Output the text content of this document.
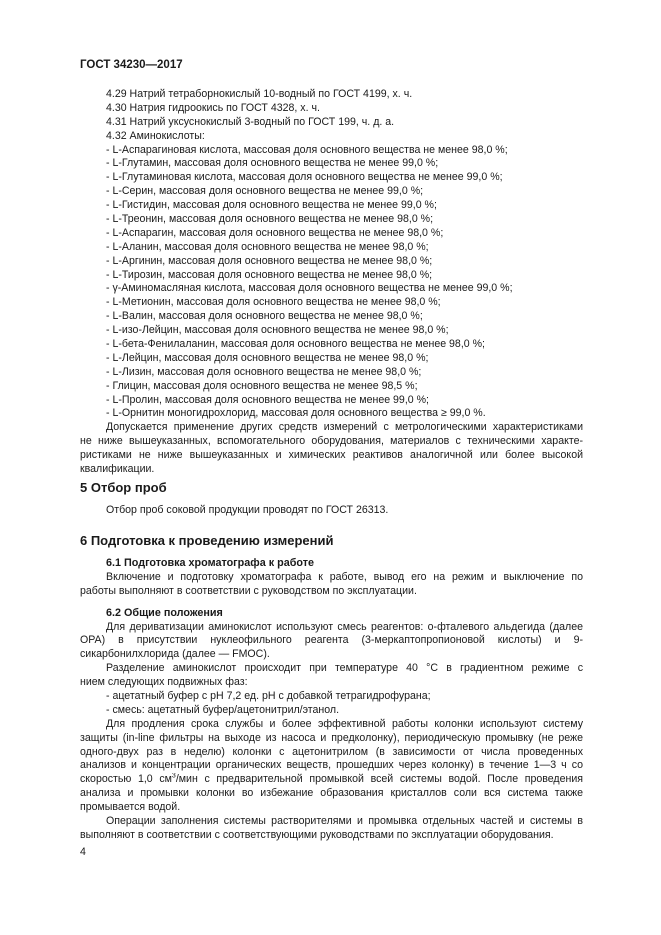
ГОСТ 34230—2017
4.29 Натрий тетраборнокислый 10-водный по ГОСТ 4199, х. ч.
4.30 Натрия гидроокись по ГОСТ 4328, х. ч.
4.31 Натрий уксуснокислый 3-водный по ГОСТ 199, ч. д. а.
4.32 Аминокислоты:
- L-Аспарагиновая кислота, массовая доля основного вещества не менее 98,0 %;
- L-Глутамин, массовая доля основного вещества не менее 99,0 %;
- L-Глутаминовая кислота, массовая доля основного вещества не менее 99,0 %;
- L-Серин, массовая доля основного вещества не менее 99,0 %;
- L-Гистидин, массовая доля основного вещества не менее 99,0 %;
- L-Треонин, массовая доля основного вещества не менее 98,0 %;
- L-Аспарагин, массовая доля основного вещества не менее 98,0 %;
- L-Аланин, массовая доля основного вещества не менее 98,0 %;
- L-Аргинин, массовая доля основного вещества не менее 98,0 %;
- L-Тирозин, массовая доля основного вещества не менее 98,0 %;
- γ-Аминомасляная кислота, массовая доля основного вещества не менее 99,0 %;
- L-Метионин, массовая доля основного вещества не менее 98,0 %;
- L-Валин, массовая доля основного вещества не менее 98,0 %;
- L-изо-Лейцин, массовая доля основного вещества не менее 98,0 %;
- L-бета-Фенилаланин, массовая доля основного вещества не менее 98,0 %;
- L-Лейцин, массовая доля основного вещества не менее 98,0 %;
- L-Лизин, массовая доля основного вещества не менее 98,0 %;
- Глицин, массовая доля основного вещества не менее 98,5 %;
- L-Пролин, массовая доля основного вещества не менее 99,0 %;
- L-Орнитин моногидрохлорид, массовая доля основного вещества ≥ 99,0 %.
Допускается применение других средств измерений с метрологическими характеристиками
не ниже вышеуказанных, вспомогательного оборудования, материалов с техническими характе-
ристиками не ниже вышеуказанных и химических реактивов аналогичной или более высокой
квалификации.
5 Отбор проб
Отбор проб соковой продукции проводят по ГОСТ 26313.
6 Подготовка к проведению измерений
6.1 Подготовка хроматографа к работе
Включение и подготовку хроматографа к работе, вывод его на режим и выключение по
работы выполняют в соответствии с руководством по эксплуатации.
6.2 Общие положения
Для дериватизации аминокислот используют смесь реагентов: о-фталевого альдегида (далее
OPA) в присутствии нуклеофильного реагента (3-меркаптопропионовой кислоты) и 9-
сикарбонилхлорида (далее — FMOC).
Разделение аминокислот происходит при температуре 40 °С в градиентном режиме с
нием следующих подвижных фаз:
- ацетатный буфер с рН 7,2 ед. рН с добавкой тетрагидрофурана;
- смесь: ацетатный буфер/ацетонитрил/этанол.
Для продления срока службы и более эффективной работы колонки используют систему
защиты (in-line фильтры на выходе из насоса и предколонку), периодическую промывку (не реже
одного-двух раз в неделю) колонки с ацетонитрилом (в зависимости от числа проведенных
анализов и концентрации органических веществ, прошедших через колонку) в течение 1—3 ч со
скоростью 1,0 $см^3$/мин с предварительной промывкой всей системы водой. После проведения
анализа и промывки колонки во избежание образования кристаллов соли вся система также
промывается водой.
Операции заполнения системы растворителями и промывка отдельных частей и системы в
выполняют в соответствии с соответствующими руководствами по эксплуатации оборудования.
4
